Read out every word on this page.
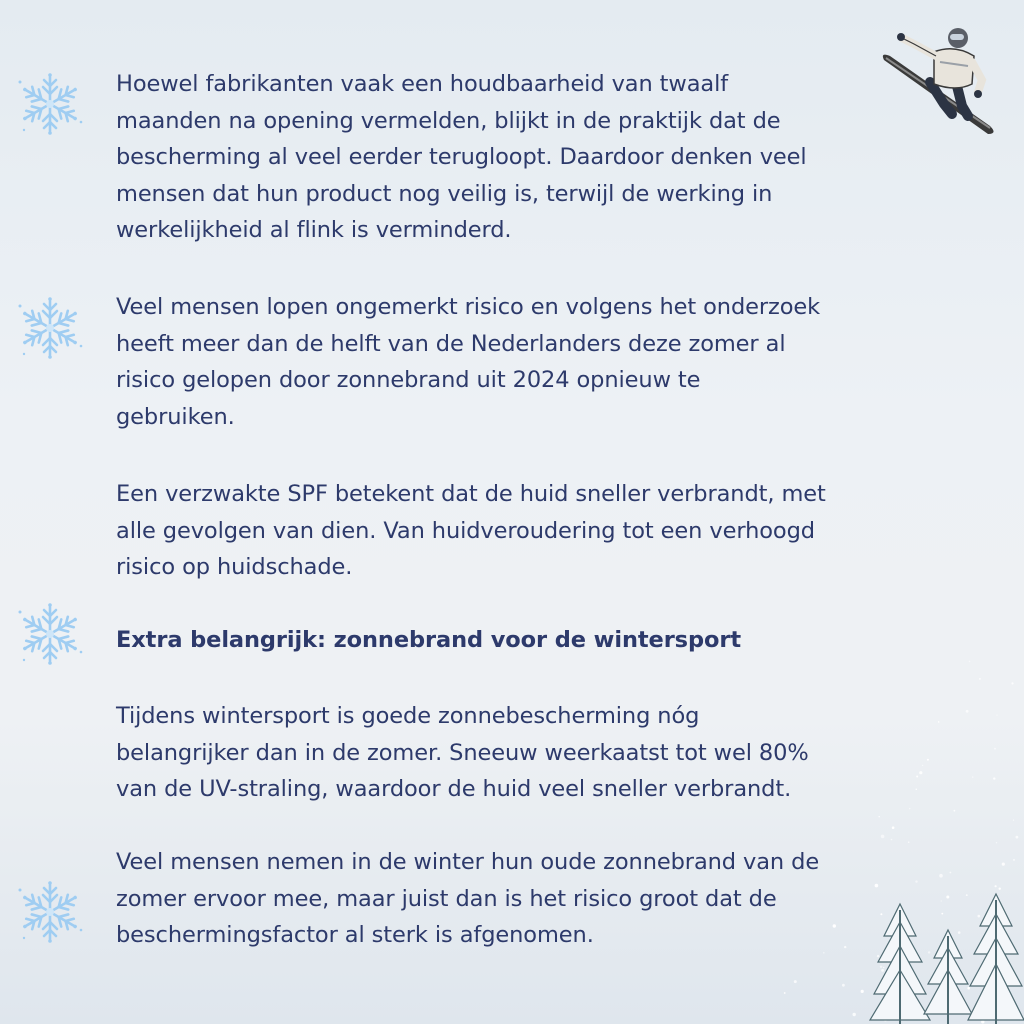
Hoewel fabrikanten vaak een houdbaarheid van twaalf
maanden na opening vermelden, blijkt in de praktijk dat de
bescherming al veel eerder terugloopt. Daardoor denken veel
mensen dat hun product nog veilig is, terwijl de werking in
werkelijkheid al flink is verminderd.

Veel mensen lopen ongemerkt risico en volgens het onderzoek
heeft meer dan de helft van de Nederlanders deze zomer al
risico gelopen door zonnebrand uit 2024 opnieuw te
gebruiken.

Een verzwakte SPF betekent dat de huid sneller verbrandt, met
alle gevolgen van dien. Van huidveroudering tot een verhoogd
risico op huidschade.

Extra belangrijk: zonnebrand voor de wintersport

Tijdens wintersport is goede zonnebescherming nóg
belangrijker dan in de zomer. Sneeuw weerkaatst tot wel 80%
van de UV-straling, waardoor de huid veel sneller verbrandt.

Veel mensen nemen in de winter hun oude zonnebrand van de
zomer ervoor mee, maar juist dan is het risico groot dat de
beschermingsfactor al sterk is afgenomen.
